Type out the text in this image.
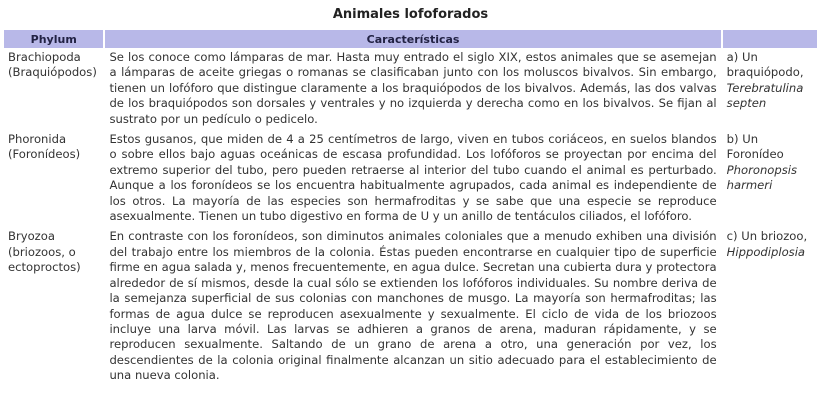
Animales lofoforados
Phylum	Características	
Brachiopoda (Braquiópodos)	Se los conoce como lámparas de mar. Hasta muy entrado el siglo XIX, estos animales que se asemejan a lámparas de aceite griegas o romanas se clasificaban junto con los moluscos bivalvos. Sin embargo, tienen un lofóforo que distingue claramente a los braquiópodos de los bivalvos. Además, las dos valvas de los braquiópodos son dorsales y ventrales y no izquierda y derecha como en los bivalvos. Se fijan al sustrato por un pedículo o pedicelo.	a) Un braquiópodo, Terebratulina septen
Phoronida (Foronídeos)	Estos gusanos, que miden de 4 a 25 centímetros de largo, viven en tubos coriáceos, en suelos blandos o sobre ellos bajo aguas oceánicas de escasa profundidad. Los lofóforos se proyectan por encima del extremo superior del tubo, pero pueden retraerse al interior del tubo cuando el animal es perturbado. Aunque a los foronídeos se los encuentra habitualmente agrupados, cada animal es independiente de los otros. La mayoría de las especies son hermafroditas y se sabe que una especie se reproduce asexualmente. Tienen un tubo digestivo en forma de U y un anillo de tentáculos ciliados, el lofóforo.	b) Un Foronídeo Phoronopsis harmeri
Bryozoa (briozoos, o ectoproctos)	En contraste con los foronídeos, son diminutos animales coloniales que a menudo exhiben una división del trabajo entre los miembros de la colonia. Éstas pueden encontrarse en cualquier tipo de superficie firme en agua salada y, menos frecuentemente, en agua dulce. Secretan una cubierta dura y protectora alrededor de sí mismos, desde la cual sólo se extienden los lofóforos individuales. Su nombre deriva de la semejanza superficial de sus colonias con manchones de musgo. La mayoría son hermafroditas; las formas de agua dulce se reproducen asexualmente y sexualmente. El ciclo de vida de los briozoos incluye una larva móvil. Las larvas se adhieren a granos de arena, maduran rápidamente, y se reproducen sexualmente. Saltando de un grano de arena a otro, una generación por vez, los descendientes de la colonia original finalmente alcanzan un sitio adecuado para el establecimiento de una nueva colonia.	c) Un briozoo, Hippodiplosia
